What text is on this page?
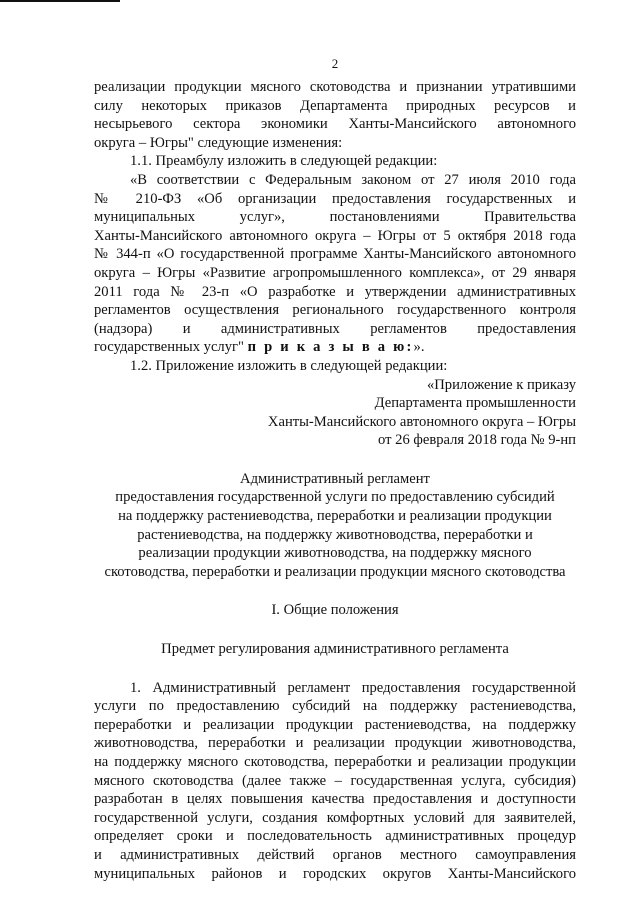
2

реализации продукции мясного скотоводства и признании утратившими

силу некоторых приказов Департамента природных ресурсов и

несырьевого сектора экономики Ханты-Мансийского автономного

округа – Югры" следующие изменения:

1.1. Преамбулу изложить в следующей редакции:

«В соответствии с Федеральным законом от 27 июля 2010 года

№ 210-ФЗ «Об организации предоставления государственных и

муниципальных услуг», постановлениями Правительства

Ханты-Мансийского автономного округа – Югры от 5 октября 2018 года

№ 344-п «О государственной программе Ханты-Мансийского автономного

округа – Югры «Развитие агропромышленного комплекса», от 29 января

2011 года № 23-п «О разработке и утверждении административных

регламентов осуществления регионального государственного контроля

(надзора) и административных регламентов предоставления

государственных услуг" п р и к а з ы в а ю:».

1.2. Приложение изложить в следующей редакции:

«Приложение к приказу

Департамента промышленности

Ханты-Мансийского автономного округа – Югры

от 26 февраля 2018 года № 9-нп

Административный регламент

предоставления государственной услуги по предоставлению субсидий

на поддержку растениеводства, переработки и реализации продукции

растениеводства, на поддержку животноводства, переработки и

реализации продукции животноводства, на поддержку мясного

скотоводства, переработки и реализации продукции мясного скотоводства

I. Общие положения

Предмет регулирования административного регламента

1. Административный регламент предоставления государственной

услуги по предоставлению субсидий на поддержку растениеводства,

переработки и реализации продукции растениеводства, на поддержку

животноводства, переработки и реализации продукции животноводства,

на поддержку мясного скотоводства, переработки и реализации продукции

мясного скотоводства (далее также – государственная услуга, субсидия)

разработан в целях повышения качества предоставления и доступности

государственной услуги, создания комфортных условий для заявителей,

определяет сроки и последовательность административных процедур

и административных действий органов местного самоуправления

муниципальных районов и городских округов Ханты-Мансийского
